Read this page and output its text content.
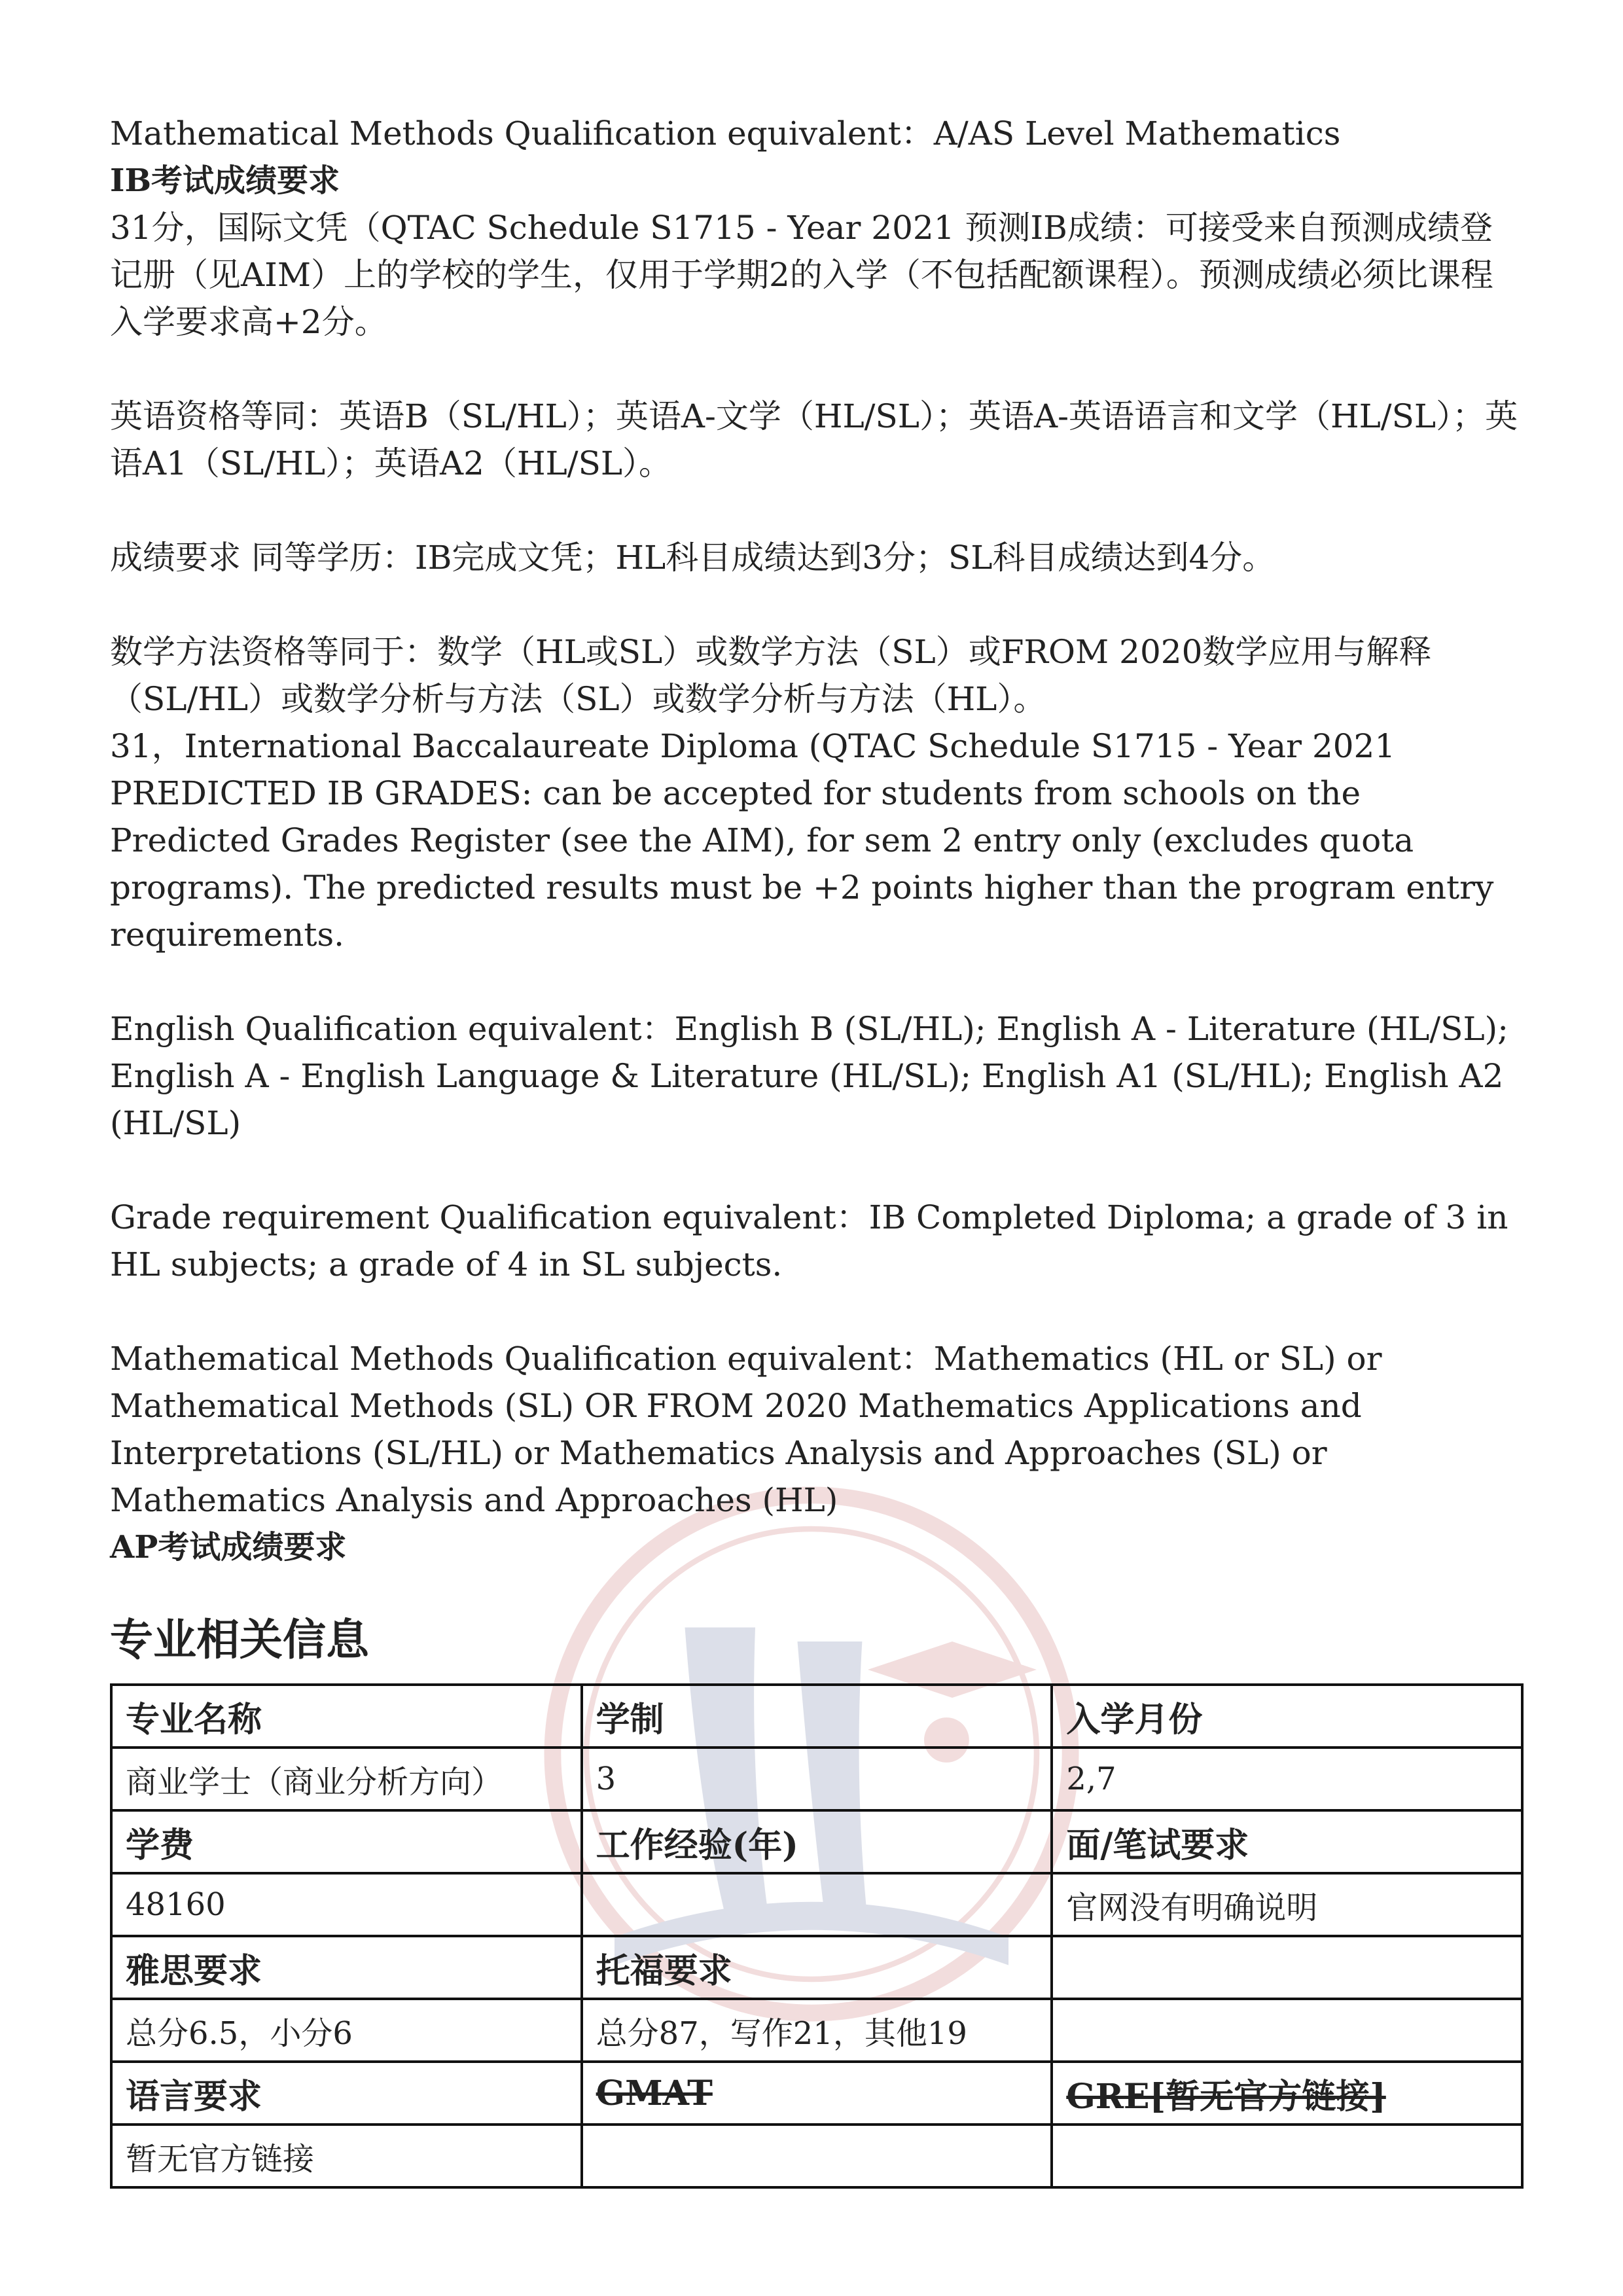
Mathematical Methods Qualification equivalent：A/AS Level Mathematics

IB考试成绩要求

31分，国际文凭（QTAC Schedule S1715 - Year 2021 预测IB成绩：可接受来自预测成绩登记册（见AIM）上的学校的学生，仅用于学期2的入学（不包括配额课程）。预测成绩必须比课程入学要求高+2分。

英语资格等同：英语B（SL/HL）；英语A-文学（HL/SL）；英语A-英语语言和文学（HL/SL）；英语A1（SL/HL）；英语A2（HL/SL）。

成绩要求 同等学历：IB完成文凭；HL科目成绩达到3分；SL科目成绩达到4分。

数学方法资格等同于：数学（HL或SL）或数学方法（SL）或FROM 2020数学应用与解释（SL/HL）或数学分析与方法（SL）或数学分析与方法（HL）。

31，International Baccalaureate Diploma (QTAC Schedule S1715 - Year 2021 PREDICTED IB GRADES: can be accepted for students from schools on the Predicted Grades Register (see the AIM), for sem 2 entry only (excludes quota programs). The predicted results must be +2 points higher than the program entry requirements.

English Qualification equivalent：English B (SL/HL); English A - Literature (HL/SL); English A - English Language & Literature (HL/SL); English A1 (SL/HL); English A2 (HL/SL)

Grade requirement Qualification equivalent：IB Completed Diploma; a grade of 3 in HL subjects; a grade of 4 in SL subjects.

Mathematical Methods Qualification equivalent：Mathematics (HL or SL) or Mathematical Methods (SL) OR FROM 2020 Mathematics Applications and Interpretations (SL/HL) or Mathematics Analysis and Approaches (SL) or Mathematics Analysis and Approaches (HL)

AP考试成绩要求

专业相关信息
专业名称	学制	入学月份
商业学士（商业分析方向）	3	2,7
学费	工作经验(年)	面/笔试要求
48160		官网没有明确说明
雅思要求	托福要求	
总分6.5，小分6	总分87，写作21，其他19	
语言要求	GMAT	GRE[暂无官方链接]
暂无官方链接		
